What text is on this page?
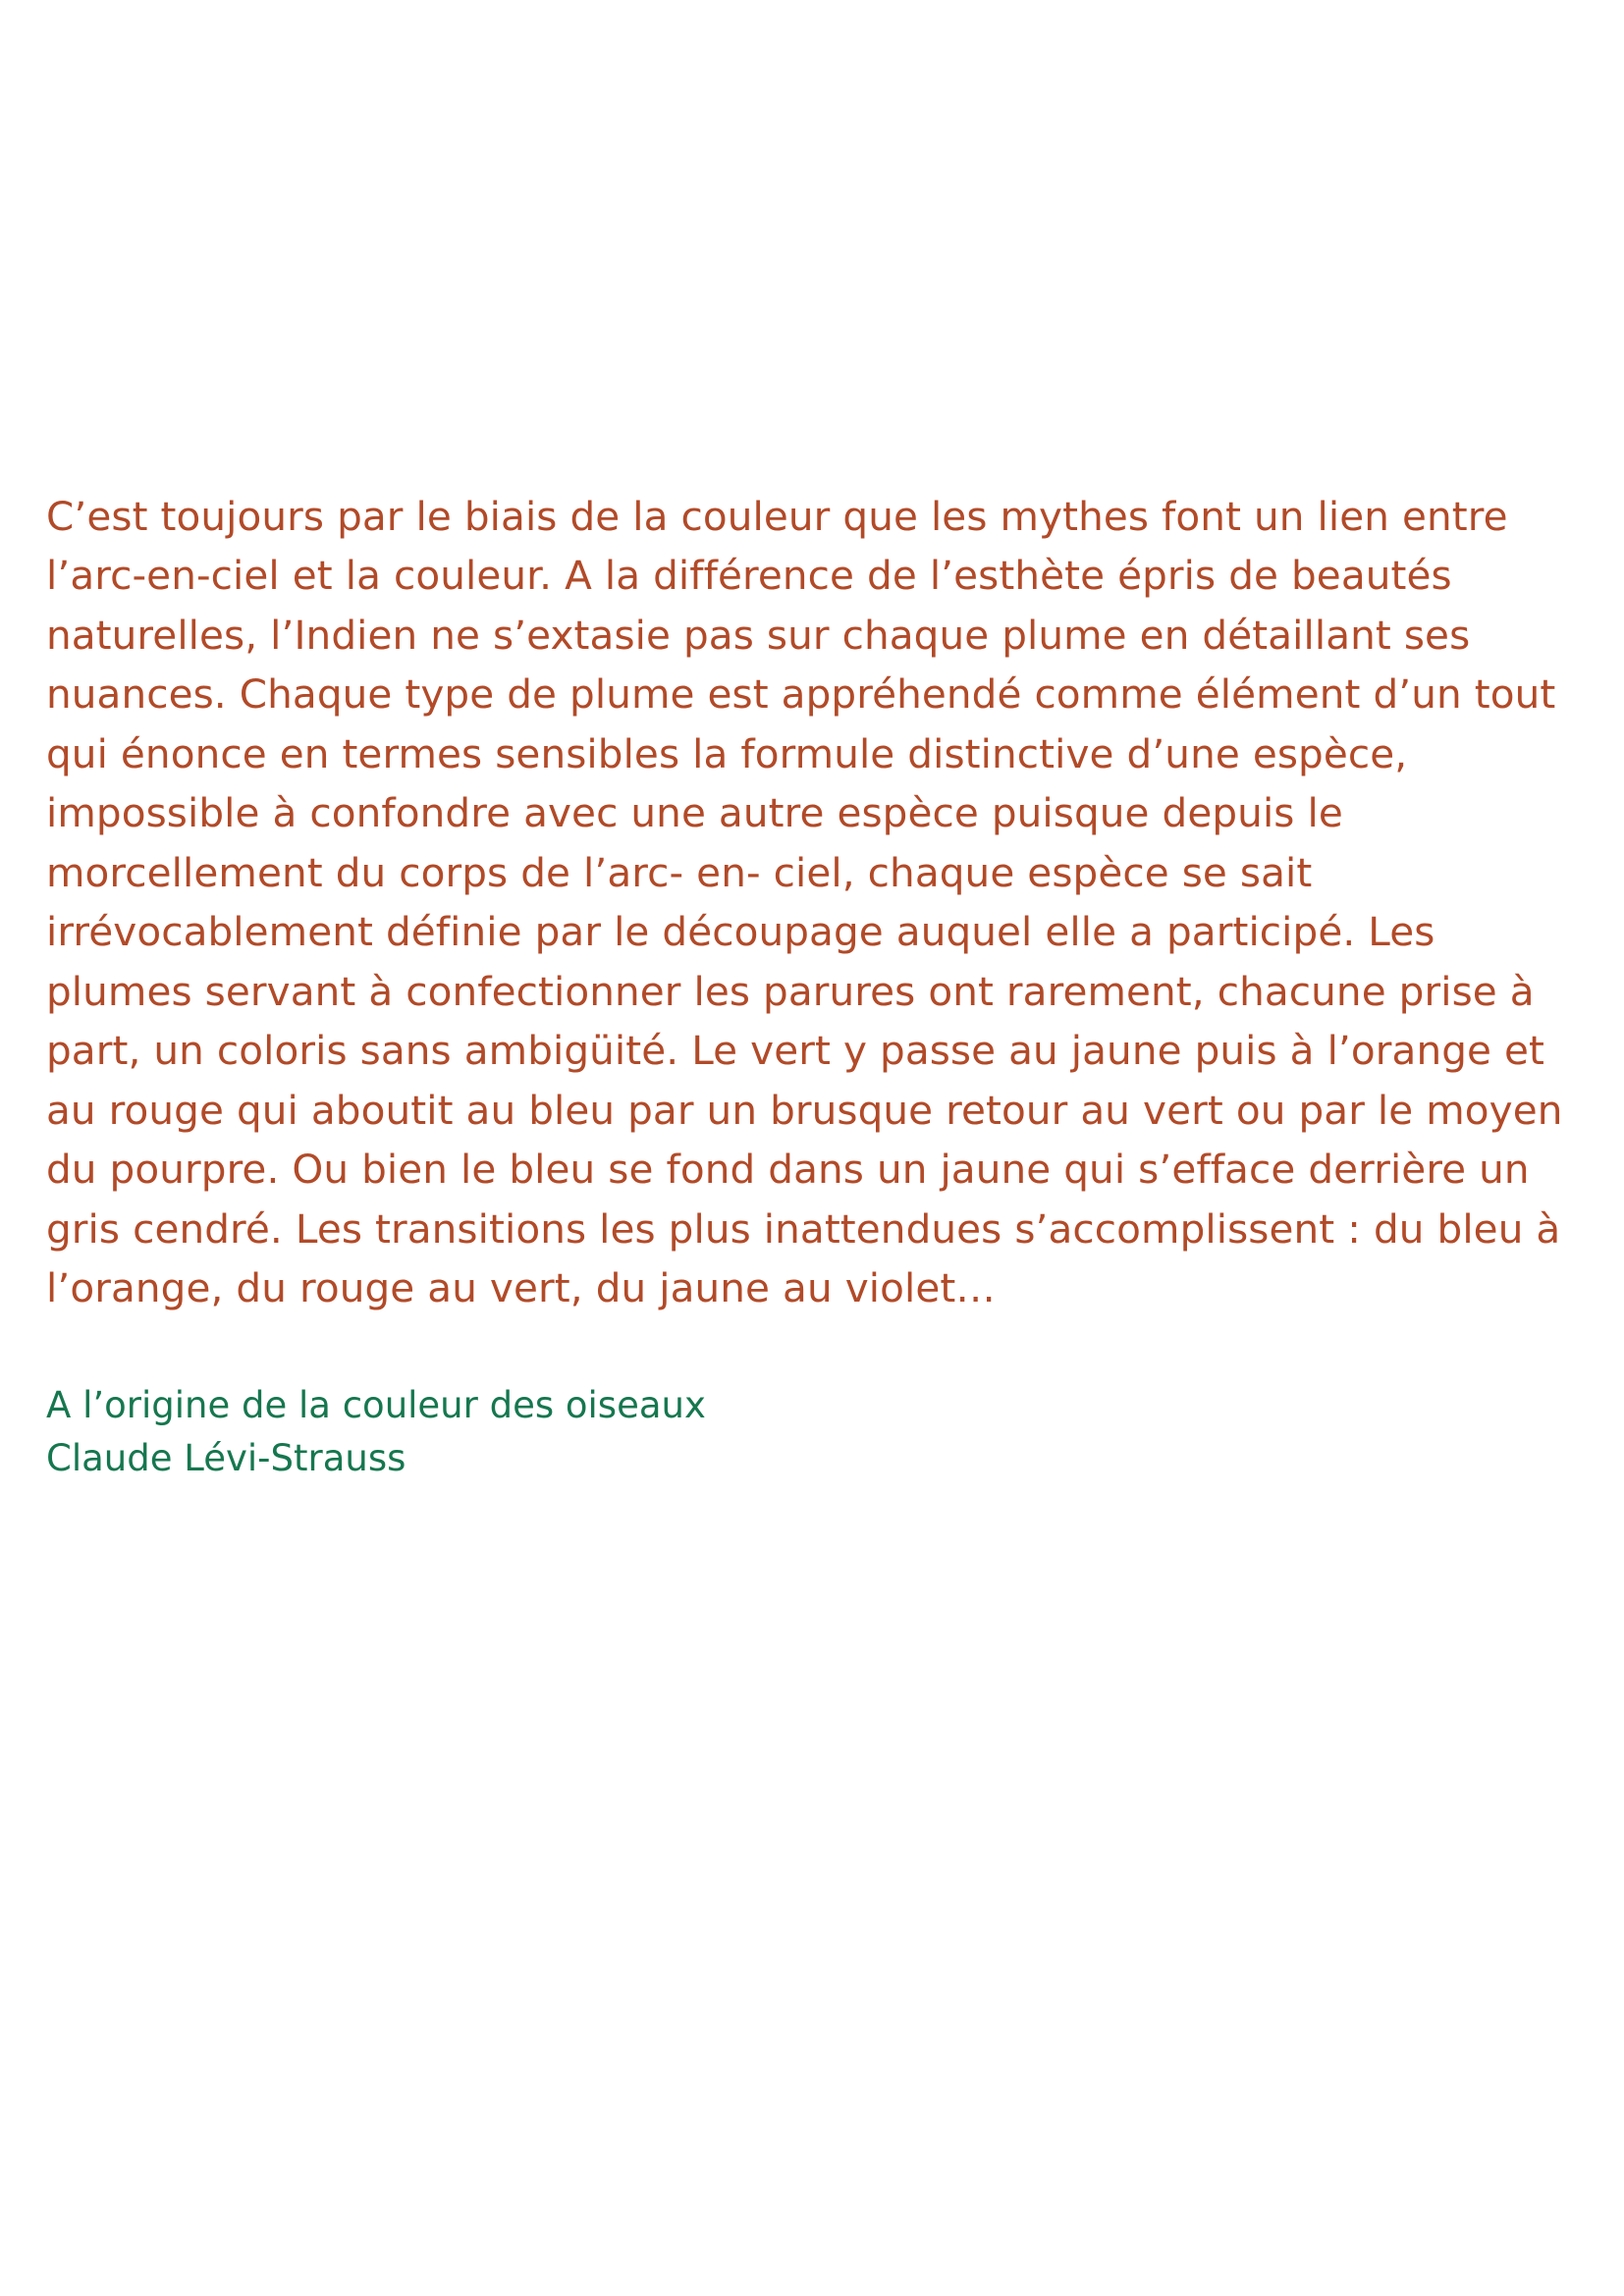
C’est toujours par le biais de la couleur que les mythes font un lien entre l’arc-en-ciel et la couleur. A la différence de l’esthète épris de beautés naturelles, l’Indien ne s’extasie pas sur chaque plume en détaillant ses nuances. Chaque type de plume est appréhendé comme élément d’un tout qui énonce en termes sensibles la formule distinctive d’une espèce, impossible à confondre avec une autre espèce puisque depuis le morcellement du corps de l’arc- en- ciel, chaque espèce se sait irrévocablement définie par le découpage auquel elle a participé. Les plumes servant à confectionner les parures ont rarement, chacune prise à part, un coloris sans ambigüité. Le vert y passe au jaune puis à l’orange et au rouge qui aboutit au bleu par un brusque retour au vert ou par le moyen du pourpre. Ou bien le bleu se fond dans un jaune qui s’efface derrière un gris cendré. Les transitions les plus inattendues s’accomplissent : du bleu à l’orange, du rouge au vert, du jaune au violet…

A l’origine de la couleur des oiseaux
Claude Lévi-Strauss
